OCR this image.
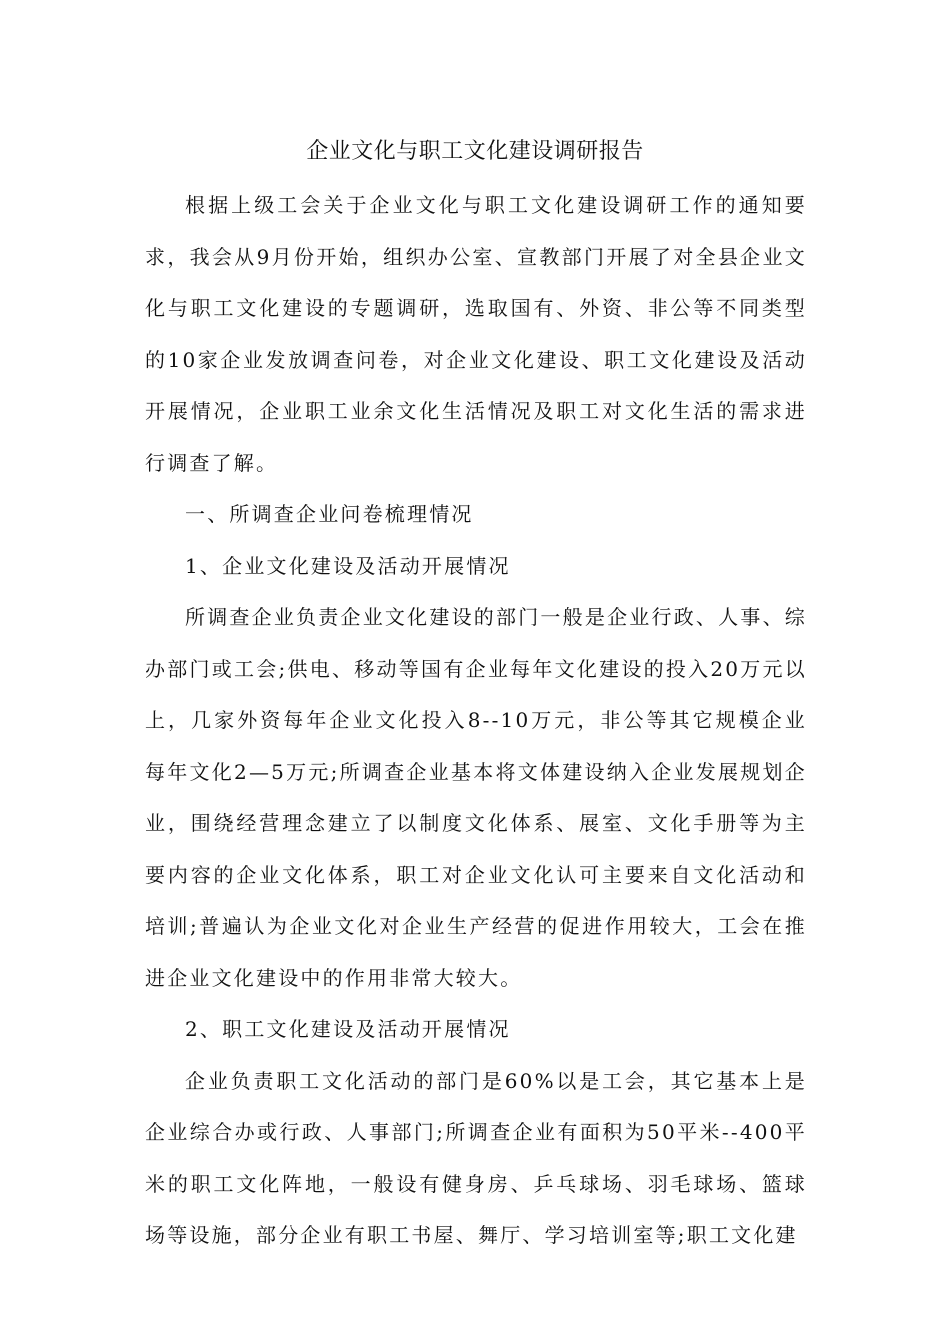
企业文化与职工文化建设调研报告

根据上级工会关于企业文化与职工文化建设调研工作的通知要求，我会从9月份开始，组织办公室、宣教部门开展了对全县企业文化与职工文化建设的专题调研，选取国有、外资、非公等不同类型的10家企业发放调查问卷，对企业文化建设、职工文化建设及活动开展情况，企业职工业余文化生活情况及职工对文化生活的需求进行调查了解。

一、所调查企业问卷梳理情况

1、企业文化建设及活动开展情况

所调查企业负责企业文化建设的部门一般是企业行政、人事、综办部门或工会;供电、移动等国有企业每年文化建设的投入20万元以上，几家外资每年企业文化投入8--10万元，非公等其它规模企业每年文化2—5万元;所调查企业基本将文体建设纳入企业发展规划企业，围绕经营理念建立了以制度文化体系、展室、文化手册等为主要内容的企业文化体系，职工对企业文化认可主要来自文化活动和培训;普遍认为企业文化对企业生产经营的促进作用较大，工会在推进企业文化建设中的作用非常大较大。

2、职工文化建设及活动开展情况

企业负责职工文化活动的部门是60%以是工会，其它基本上是企业综合办或行政、人事部门;所调查企业有面积为50平米--400平米的职工文化阵地，一般设有健身房、乒乓球场、羽毛球场、篮球场等设施，部分企业有职工书屋、舞厅、学习培训室等;职工文化建
